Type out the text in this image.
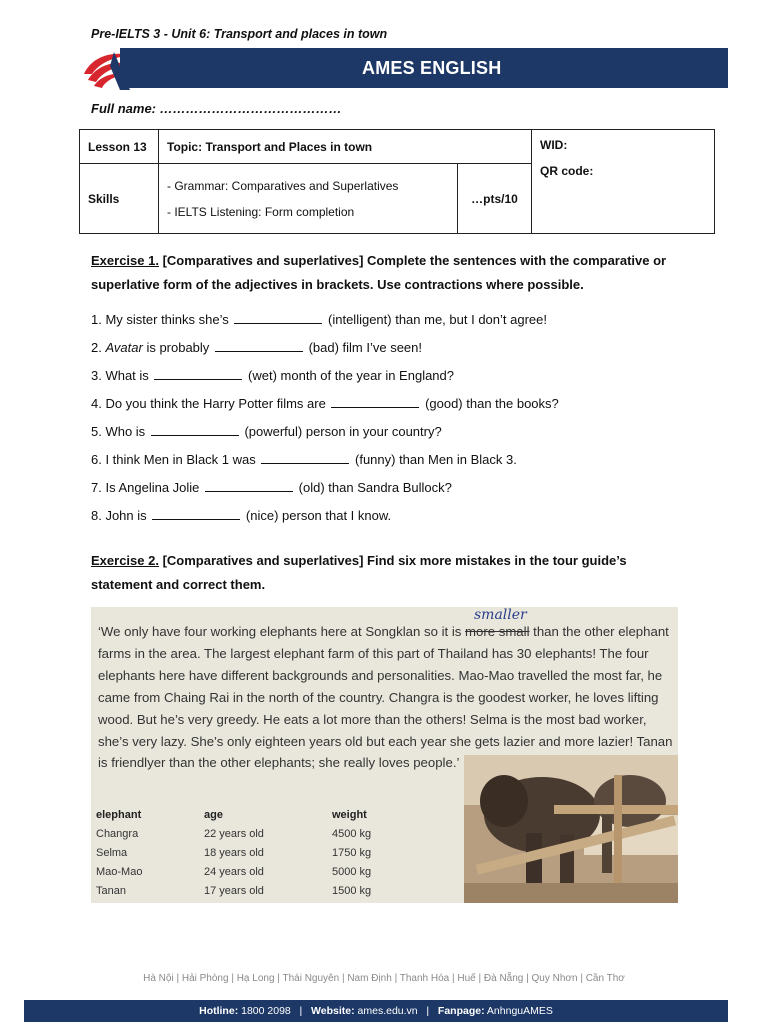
Pre-IELTS 3 - Unit 6: Transport and places in town
AMES ENGLISH
Full name: ……………………………………
Lesson 13	Topic: Transport and Places in town		WID:
QR code:

Skills	- Grammar: Comparatives and Superlatives
- IELTS Listening: Form completion	…pts/10	
Exercise 1. [Comparatives and superlatives] Complete the sentences with the comparative or superlative form of the adjectives in brackets. Use contractions where possible.
1. My sister thinks she’s	(intelligent) than me, but I don’t agree!
2. Avatar is probably	(bad) film I’ve seen!
3. What is	(wet) month of the year in England?
4. Do you think the Harry Potter films are	(good) than the books?
5. Who is	(powerful) person in your country?
6. I think Men in Black 1 was	(funny) than Men in Black 3.
7. Is Angelina Jolie	(old) than Sandra Bullock?
8. John is	(nice) person that I know.
Exercise 2. [Comparatives and superlatives] Find six more mistakes in the tour guide’s statement and correct them.
smaller
‘We only have four working elephants here at Songklan so it is more small than the other elephant farms in the area. The largest elephant farm of this part of Thailand has 30 elephants! The four elephants here have different backgrounds and personalities. Mao-Mao travelled the most far, he came from Chaing Rai in the north of the country. Changra is the goodest worker, he loves lifting wood. But he’s very greedy. He eats a lot more than the others! Selma is the most bad worker, she’s very lazy. She’s only eighteen years old but each year she gets lazier and more lazier! Tanan is friendlyer than the other elephants; she really loves people.’
elephant	age	weight
Changra	22 years old	4500 kg
Selma	18 years old	1750 kg
Mao-Mao	24 years old	5000 kg
Tanan	17 years old	1500 kg
Hà Nội | Hải Phòng | Hạ Long | Thái Nguyên | Nam Định | Thanh Hóa | Huế | Đà Nẵng | Quy Nhơn | Cần Thơ
Hotline: 1800 2098 | Website: ames.edu.vn | Fanpage: AnhnguAMES
